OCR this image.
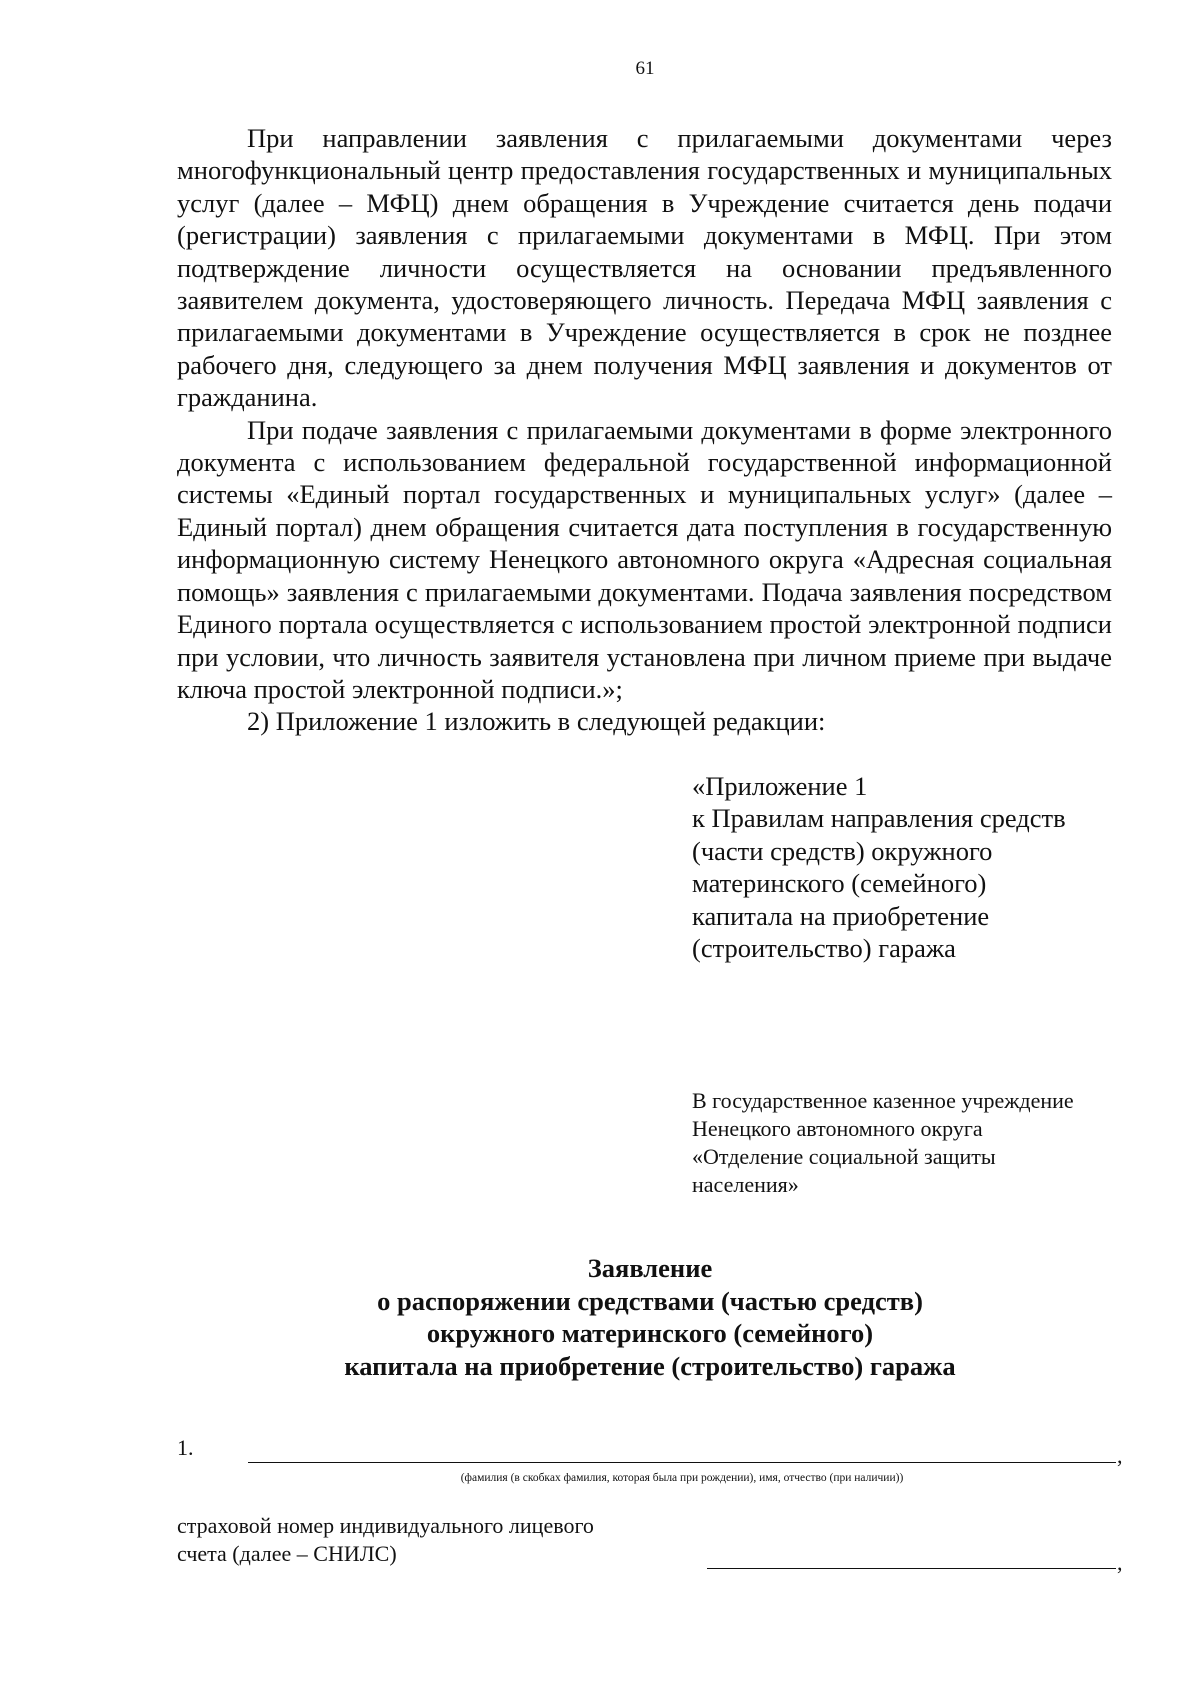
61

При направлении заявления с прилагаемыми документами через многофункциональный центр предоставления государственных и муниципальных услуг (далее – МФЦ) днем обращения в Учреждение считается день подачи (регистрации) заявления с прилагаемыми документами в МФЦ. При этом подтверждение личности осуществляется на основании предъявленного заявителем документа, удостоверяющего личность. Передача МФЦ заявления с прилагаемыми документами в Учреждение осуществляется в срок не позднее рабочего дня, следующего за днем получения МФЦ заявления и документов от гражданина.

При подаче заявления с прилагаемыми документами в форме электронного документа с использованием федеральной государственной информационной системы «Единый портал государственных и муниципальных услуг» (далее – Единый портал) днем обращения считается дата поступления в государственную информационную систему Ненецкого автономного округа «Адресная социальная помощь» заявления с прилагаемыми документами. Подача заявления посредством Единого портала осуществляется с использованием простой электронной подписи при условии, что личность заявителя установлена при личном приеме при выдаче ключа простой электронной подписи.»;

2) Приложение 1 изложить в следующей редакции:

«Приложение 1
к Правилам направления средств
(части средств) окружного
материнского (семейного)
капитала на приобретение
(строительство) гаража
В государственное казенное учреждение
Ненецкого автономного округа
«Отделение социальной защиты
населения»
Заявление
о распоряжении средствами (частью средств)
окружного материнского (семейного)
капитала на приобретение (строительство) гаража
1.	,
(фамилия (в скобках фамилия, которая была при рождении), имя, отчество (при наличии))
страховой номер индивидуального лицевого
счета (далее – СНИЛС)	,
